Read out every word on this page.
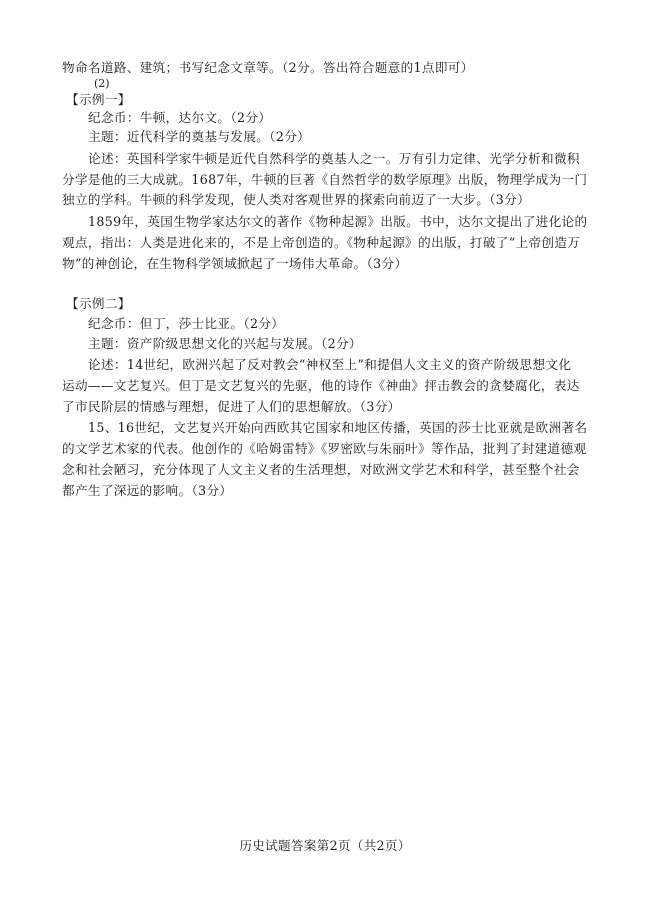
物命名道路、建筑；书写纪念文章等。（2分。答出符合题意的1点即可）
(2)
【示例一】
纪念币：牛顿，达尔文。（2分）
主题：近代科学的奠基与发展。（2分）
论述：英国科学家牛顿是近代自然科学的奠基人之一。万有引力定律、光学分析和微积
分学是他的三大成就。1687年，牛顿的巨著《自然哲学的数学原理》出版，物理学成为一门
独立的学科。牛顿的科学发现，使人类对客观世界的探索向前迈了一大步。（3分）
1859年，英国生物学家达尔文的著作《物种起源》出版。书中，达尔文提出了进化论的
观点，指出：人类是进化来的，不是上帝创造的。《物种起源》的出版，打破了“上帝创造万
物”的神创论，在生物科学领域掀起了一场伟大革命。（3分）
【示例二】
纪念币：但丁，莎士比亚。（2分）
主题：资产阶级思想文化的兴起与发展。（2分）
论述：14世纪，欧洲兴起了反对教会“神权至上”和提倡人文主义的资产阶级思想文化
运动——文艺复兴。但丁是文艺复兴的先驱，他的诗作《神曲》抨击教会的贪婪腐化，表达
了市民阶层的情感与理想，促进了人们的思想解放。（3分）
15、16世纪，文艺复兴开始向西欧其它国家和地区传播，英国的莎士比亚就是欧洲著名
的文学艺术家的代表。他创作的《哈姆雷特》《罗密欧与朱丽叶》等作品，批判了封建道德观
念和社会陋习，充分体现了人文主义者的生活理想，对欧洲文学艺术和科学，甚至整个社会
都产生了深远的影响。（3分）
历史试题答案第2页（共2页）
